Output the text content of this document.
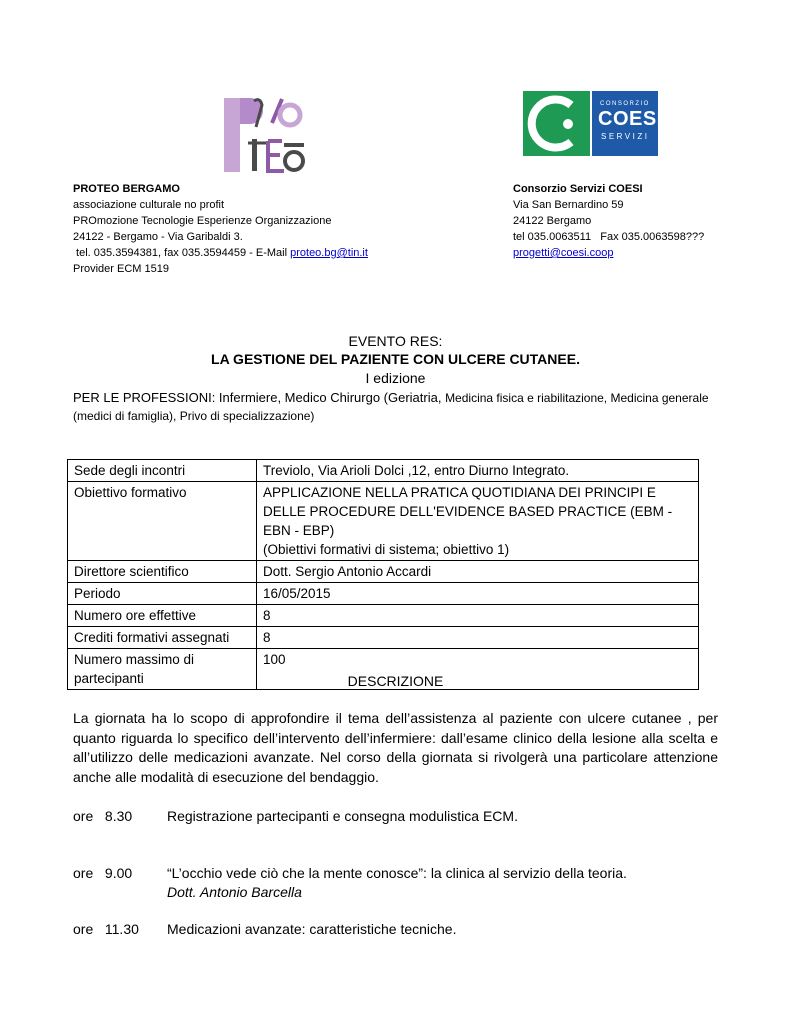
CONSORZIO
COESI
SERVIZI
PROTEO BERGAMO
associazione culturale no profit
PROmozione Tecnologie Esperienze Organizzazione
24122 - Bergamo - Via Garibaldi 3.
tel. 035.3594381, fax 035.3594459 - E-Mail proteo.bg@tin.it
Provider ECM 1519
Consorzio Servizi COESI
Via San Bernardino 59
24122 Bergamo
tel 035.0063511   Fax 035.0063598???
progetti@coesi.coop
EVENTO RES:
LA GESTIONE DEL PAZIENTE CON ULCERE CUTANEE.
I edizione
PER LE PROFESSIONI: Infermiere, Medico Chirurgo (Geriatria, Medicina fisica e riabilitazione, Medicina generale (medici di famiglia), Privo di specializzazione)
Sede degli incontri	Treviolo, Via Arioli Dolci ,12, entro Diurno Integrato.
Obiettivo formativo	APPLICAZIONE NELLA PRATICA QUOTIDIANA DEI PRINCIPI E DELLE PROCEDURE DELL'EVIDENCE BASED PRACTICE (EBM - EBN - EBP)
(Obiettivi formativi di sistema; obiettivo 1)

Direttore scientifico	Dott. Sergio Antonio Accardi
Periodo	16/05/2015
Numero ore effettive	8
Crediti formativi assegnati	8
Numero massimo di partecipanti	100
DESCRIZIONE
La giornata ha lo scopo di approfondire il tema dell’assistenza al paziente con ulcere cutanee , per quanto riguarda lo specifico dell’intervento dell’infermiere: dall’esame clinico della lesione alla scelta e all’utilizzo delle medicazioni avanzate. Nel corso della giornata si rivolgerà una particolare attenzione anche alle modalità di esecuzione del bendaggio.
ore   8.30 Registrazione partecipanti e consegna modulistica ECM.
ore   9.00 “L’occhio vede ciò che la mente conosce”: la clinica al servizio della teoria.
Dott. Antonio Barcella
ore   11.30 Medicazioni avanzate: caratteristiche tecniche.
